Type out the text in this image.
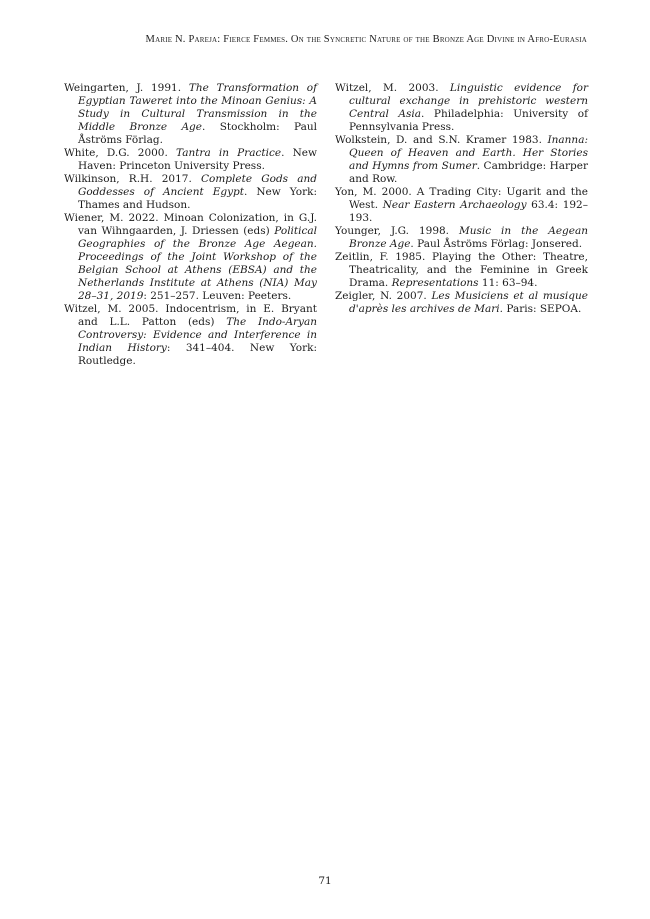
Marie N. Pareja: Fierce Femmes. On the Syncretic Nature of the Bronze Age Divine in Afro-Eurasia

Weingarten, J. 1991. The Transformation of Egyptian Taweret into the Minoan Genius: A Study in Cultural Transmission in the Middle Bronze Age. Stockholm: Paul Åströms Förlag.

White, D.G. 2000. Tantra in Practice. New Haven: Princeton University Press.

Wilkinson, R.H. 2017. Complete Gods and Goddesses of Ancient Egypt. New York: Thames and Hudson.

Wiener, M. 2022. Minoan Colonization, in G.J. van Wihngaarden, J. Driessen (eds) Political Geographies of the Bronze Age Aegean. Proceedings of the Joint Workshop of the Belgian School at Athens (EBSA) and the Netherlands Institute at Athens (NIA) May 28–31, 2019: 251–257. Leuven: Peeters.

Witzel, M. 2005. Indocentrism, in E. Bryant and L.L. Patton (eds) The Indo-Aryan Controversy: Evidence and Interference in Indian History: 341–404. New York: Routledge.

Witzel, M. 2003. Linguistic evidence for cultural exchange in prehistoric western Central Asia. Philadelphia: University of Pennsylvania Press.

Wolkstein, D. and S.N. Kramer 1983. Inanna: Queen of Heaven and Earth. Her Stories and Hymns from Sumer. Cambridge: Harper and Row.

Yon, M. 2000. A Trading City: Ugarit and the West. Near Eastern Archaeology 63.4: 192–193.

Younger, J.G. 1998. Music in the Aegean Bronze Age. Paul Åströms Förlag: Jonsered.

Zeitlin, F. 1985. Playing the Other: Theatre, Theatricality, and the Feminine in Greek Drama. Representations 11: 63–94.

Zeigler, N. 2007. Les Musiciens et al musique d'après les archives de Mari. Paris: SEPOA.

71
